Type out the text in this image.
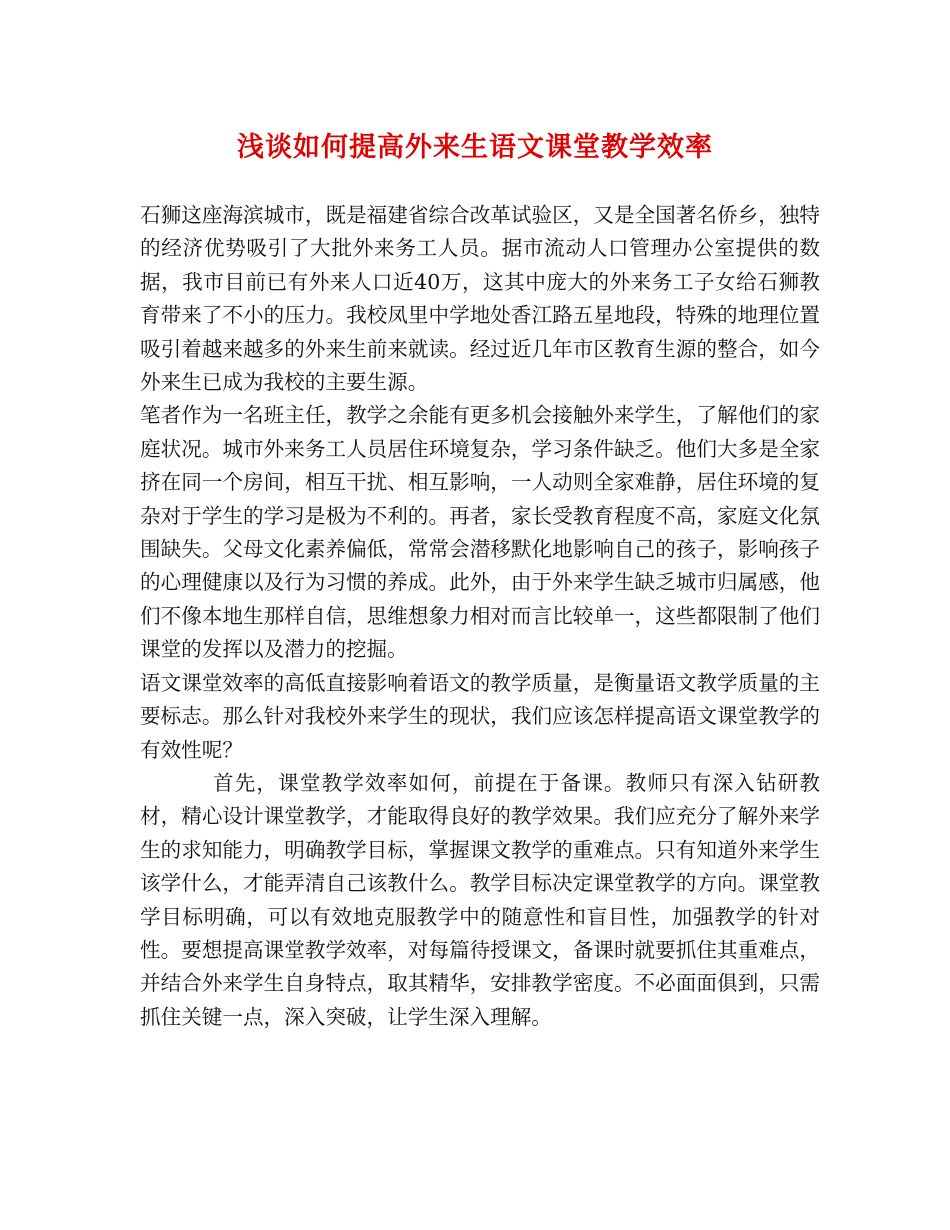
浅谈如何提高外来生语文课堂教学效率

石狮这座海滨城市，既是福建省综合改革试验区，又是全国著名侨乡，独特的经济优势吸引了大批外来务工人员。据市流动人口管理办公室提供的数据，我市目前已有外来人口近40万，这其中庞大的外来务工子女给石狮教育带来了不小的压力。我校凤里中学地处香江路五星地段，特殊的地理位置吸引着越来越多的外来生前来就读。经过近几年市区教育生源的整合，如今外来生已成为我校的主要生源。

笔者作为一名班主任，教学之余能有更多机会接触外来学生，了解他们的家庭状况。城市外来务工人员居住环境复杂，学习条件缺乏。他们大多是全家挤在同一个房间，相互干扰、相互影响，一人动则全家难静，居住环境的复杂对于学生的学习是极为不利的。再者，家长受教育程度不高，家庭文化氛围缺失。父母文化素养偏低，常常会潜移默化地影响自己的孩子，影响孩子的心理健康以及行为习惯的养成。此外，由于外来学生缺乏城市归属感，他们不像本地生那样自信，思维想象力相对而言比较单一，这些都限制了他们课堂的发挥以及潜力的挖掘。

语文课堂效率的高低直接影响着语文的教学质量，是衡量语文教学质量的主要标志。那么针对我校外来学生的现状，我们应该怎样提高语文课堂教学的有效性呢？

首先，课堂教学效率如何，前提在于备课。教师只有深入钻研教材，精心设计课堂教学，才能取得良好的教学效果。我们应充分了解外来学生的求知能力，明确教学目标，掌握课文教学的重难点。只有知道外来学生该学什么，才能弄清自己该教什么。教学目标决定课堂教学的方向。课堂教学目标明确，可以有效地克服教学中的随意性和盲目性，加强教学的针对性。要想提高课堂教学效率，对每篇待授课文，备课时就要抓住其重难点，并结合外来学生自身特点，取其精华，安排教学密度。不必面面俱到，只需抓住关键一点，深入突破，让学生深入理解。
